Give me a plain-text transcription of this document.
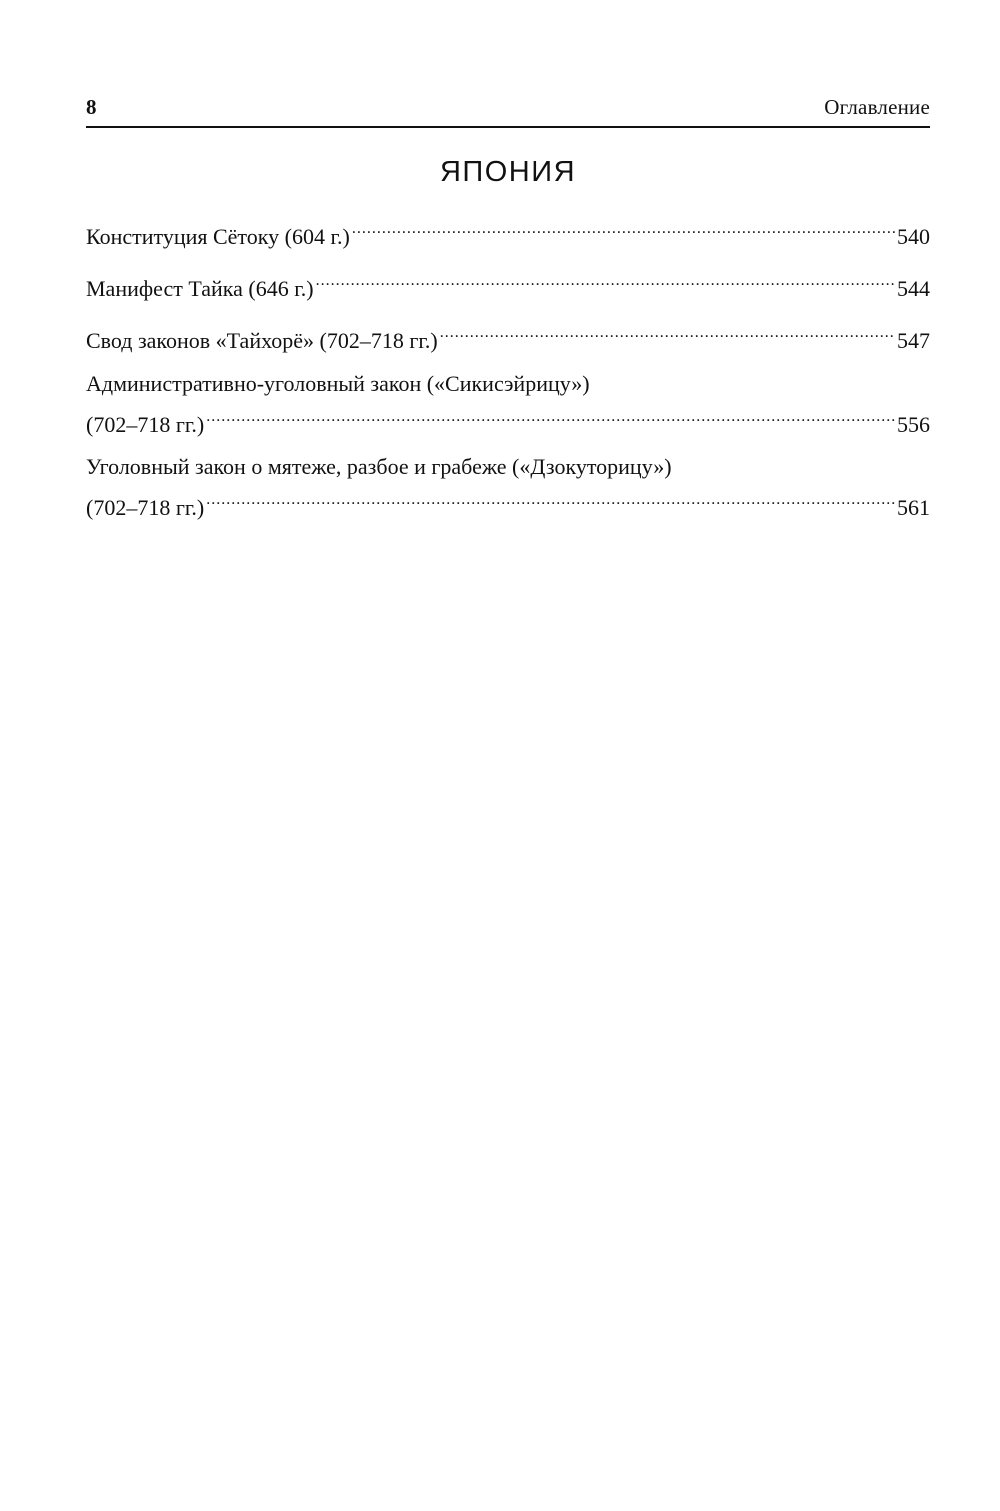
8	Оглавление
ЯПОНИЯ
Конституция Сётоку (604 г.) .....	540
Манифест Тайка (646 г.) .....	544
Свод законов «Тайхорё» (702–718 гг.) .....	547
Административно-уголовный закон («Сикисэйрицу»)
(702–718 гг.) .....	556
Уголовный закон о мятеже, разбое и грабеже («Дзокуторицу»)
(702–718 гг.) .....	561
